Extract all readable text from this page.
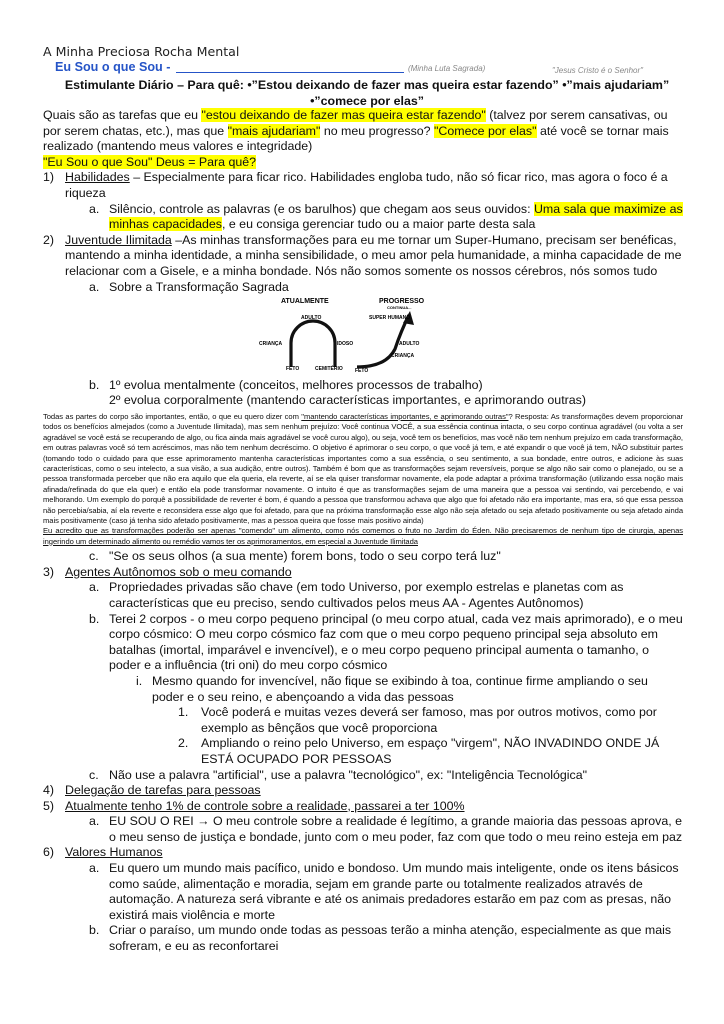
A Minha Preciosa Rocha Mental
Eu Sou o que Sou -	(Minha Luta Sagrada)	"Jesus Cristo é o Senhor"
Estimulante Diário – Para quê: •”Estou deixando de fazer mas queira estar fazendo” •”mais ajudariam”
•”comece por elas”

Quais são as tarefas que eu "estou deixando de fazer mas queira estar fazendo" (talvez por serem cansativas, ou por serem chatas, etc.), mas que "mais ajudariam" no meu progresso? "Comece por elas" até você se tornar mais realizado (mantendo meus valores e integridade)

"Eu Sou o que Sou" Deus = Para quê?

1) Habilidades – Especialmente para ficar rico. Habilidades engloba tudo, não só ficar rico, mas agora o foco é a riqueza
a. Silêncio, controle as palavras (e os barulhos) que chegam aos seus ouvidos: Uma sala que maximize as minhas capacidades, e eu consiga gerenciar tudo ou a maior parte desta sala
2) Juventude Ilimitada –As minhas transformações para eu me tornar um Super-Humano, precisam ser benéficas, mantendo a minha identidade, a minha sensibilidade, o meu amor pela humanidade, a minha capacidade de me relacionar com a Gisele, e a minha bondade. Nós não somos somente os nossos cérebros, nós somos tudo
a. Sobre a Transformação Sagrada
ATUALMENTE	PROGRESSO
CONTINUA...
ADULTO
CRIANÇA	IDOSO
FETO	CEMITÉRIO
SUPER HUMANO
ADULTO
CRIANÇA
FETO
b. 1º evolua mentalmente (conceitos, melhores processos de trabalho)
2º evolua corporalmente (mantendo características importantes, e aprimorando outras)

Todas as partes do corpo são importantes, então, o que eu quero dizer com "mantendo características importantes, e aprimorando outras"? Resposta: As transformações devem proporcionar todos os benefícios almejados (como a Juventude Ilimitada), mas sem nenhum prejuízo: Você continua VOCÊ, a sua essência continua intacta, o seu corpo continua agradável (ou volta a ser agradável se você está se recuperando de algo, ou fica ainda mais agradável se você curou algo), ou seja, você tem os benefícios, mas você não tem nenhum prejuízo em cada transformação, em outras palavras você só tem acréscimos, mas não tem nenhum decréscimo. O objetivo é aprimorar o seu corpo, o que você já tem, e até expandir o que você já tem, NÃO substituir partes (tomando todo o cuidado para que esse aprimoramento mantenha características importantes como a sua essência, o seu sentimento, a sua bondade, entre outros, e adicione às suas características, como o seu intelecto, a sua visão, a sua audição, entre outros). Também é bom que as transformações sejam reversíveis, porque se algo não sair como o planejado, ou se a pessoa transformada perceber que não era aquilo que ela queria, ela reverte, aí se ela quiser transformar novamente, ela pode adaptar a próxima transformação (utilizando essa noção mais afinada/refinada do que ela quer) e então ela pode transformar novamente. O intuito é que as transformações sejam de uma maneira que a pessoa vai sentindo, vai percebendo, e vai melhorando. Um exemplo do porquê a possibilidade de reverter é bom, é quando a pessoa que transformou achava que algo que foi afetado não era importante, mas era, só que essa pessoa não percebia/sabia, aí ela reverte e reconsidera esse algo que foi afetado, para que na próxima transformação esse algo não seja afetado ou seja afetado positivamente ou seja afetado ainda mais positivamente (caso já tenha sido afetado positivamente, mas a pessoa queira que fosse mais positivo ainda)
Eu acredito que as transformações poderão ser apenas "comendo" um alimento, como nós comemos o fruto no Jardim do Éden. Não precisaremos de nenhum tipo de cirurgia, apenas ingerindo um determinado alimento ou remédio vamos ter os aprimoramentos, em especial a Juventude Ilimitada

c. "Se os seus olhos (a sua mente) forem bons, todo o seu corpo terá luz"
3) Agentes Autônomos sob o meu comando
a. Propriedades privadas são chave (em todo Universo, por exemplo estrelas e planetas com as características que eu preciso, sendo cultivados pelos meus AA - Agentes Autônomos)
b. Terei 2 corpos - o meu corpo pequeno principal (o meu corpo atual, cada vez mais aprimorado), e o meu corpo cósmico: O meu corpo cósmico faz com que o meu corpo pequeno principal seja absoluto em batalhas (imortal, imparável e invencível), e o meu corpo pequeno principal aumenta o tamanho, o poder e a influência (tri oni) do meu corpo cósmico
i. Mesmo quando for invencível, não fique se exibindo à toa, continue firme ampliando o seu poder e o seu reino, e abençoando a vida das pessoas
1. Você poderá e muitas vezes deverá ser famoso, mas por outros motivos, como por exemplo as bênçãos que você proporciona
2. Ampliando o reino pelo Universo, em espaço "virgem", NÃO INVADINDO ONDE JÁ ESTÁ OCUPADO POR PESSOAS
c. Não use a palavra "artificial", use a palavra "tecnológico", ex: "Inteligência Tecnológica"
4) Delegação de tarefas para pessoas
5) Atualmente tenho 1% de controle sobre a realidade, passarei a ter 100%
a. EU SOU O REI → O meu controle sobre a realidade é legítimo, a grande maioria das pessoas aprova, e o meu senso de justiça e bondade, junto com o meu poder, faz com que todo o meu reino esteja em paz
6) Valores Humanos
a. Eu quero um mundo mais pacífico, unido e bondoso. Um mundo mais inteligente, onde os itens básicos como saúde, alimentação e moradia, sejam em grande parte ou totalmente realizados através de automação. A natureza será vibrante e até os animais predadores estarão em paz com as presas, não existirá mais violência e morte
b. Criar o paraíso, um mundo onde todas as pessoas terão a minha atenção, especialmente as que mais sofreram, e eu as reconfortarei
